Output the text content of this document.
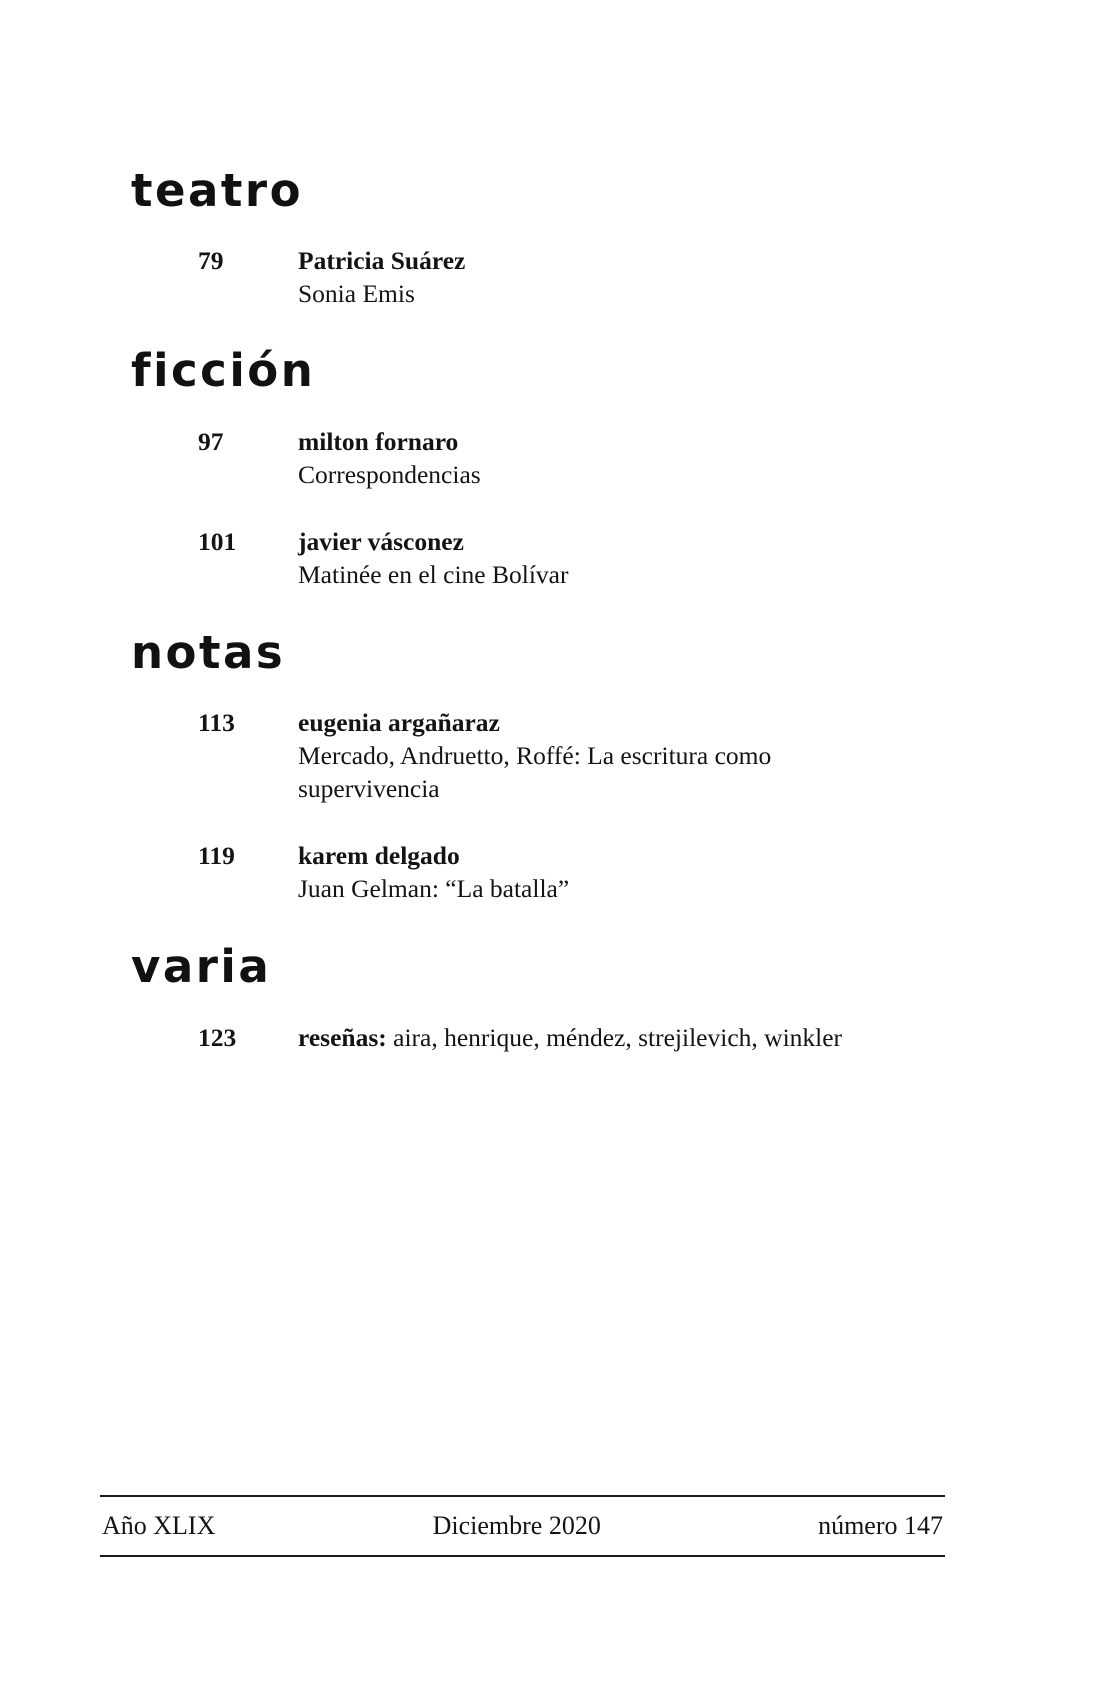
teatro
79	Patricia Suárez
Sonia Emis
ficción
97	milton fornaro
Correspondencias
101	javier vásconez
Matinée en el cine Bolívar
notas
113	eugenia argañaraz
Mercado, Andruetto, Roffé: La escritura como supervivencia
119	karem delgado
Juan Gelman: “La batalla”
varia
123	reseñas: aira, henrique, méndez, strejilevich, winkler
Año XLIX	Diciembre 2020	número 147
